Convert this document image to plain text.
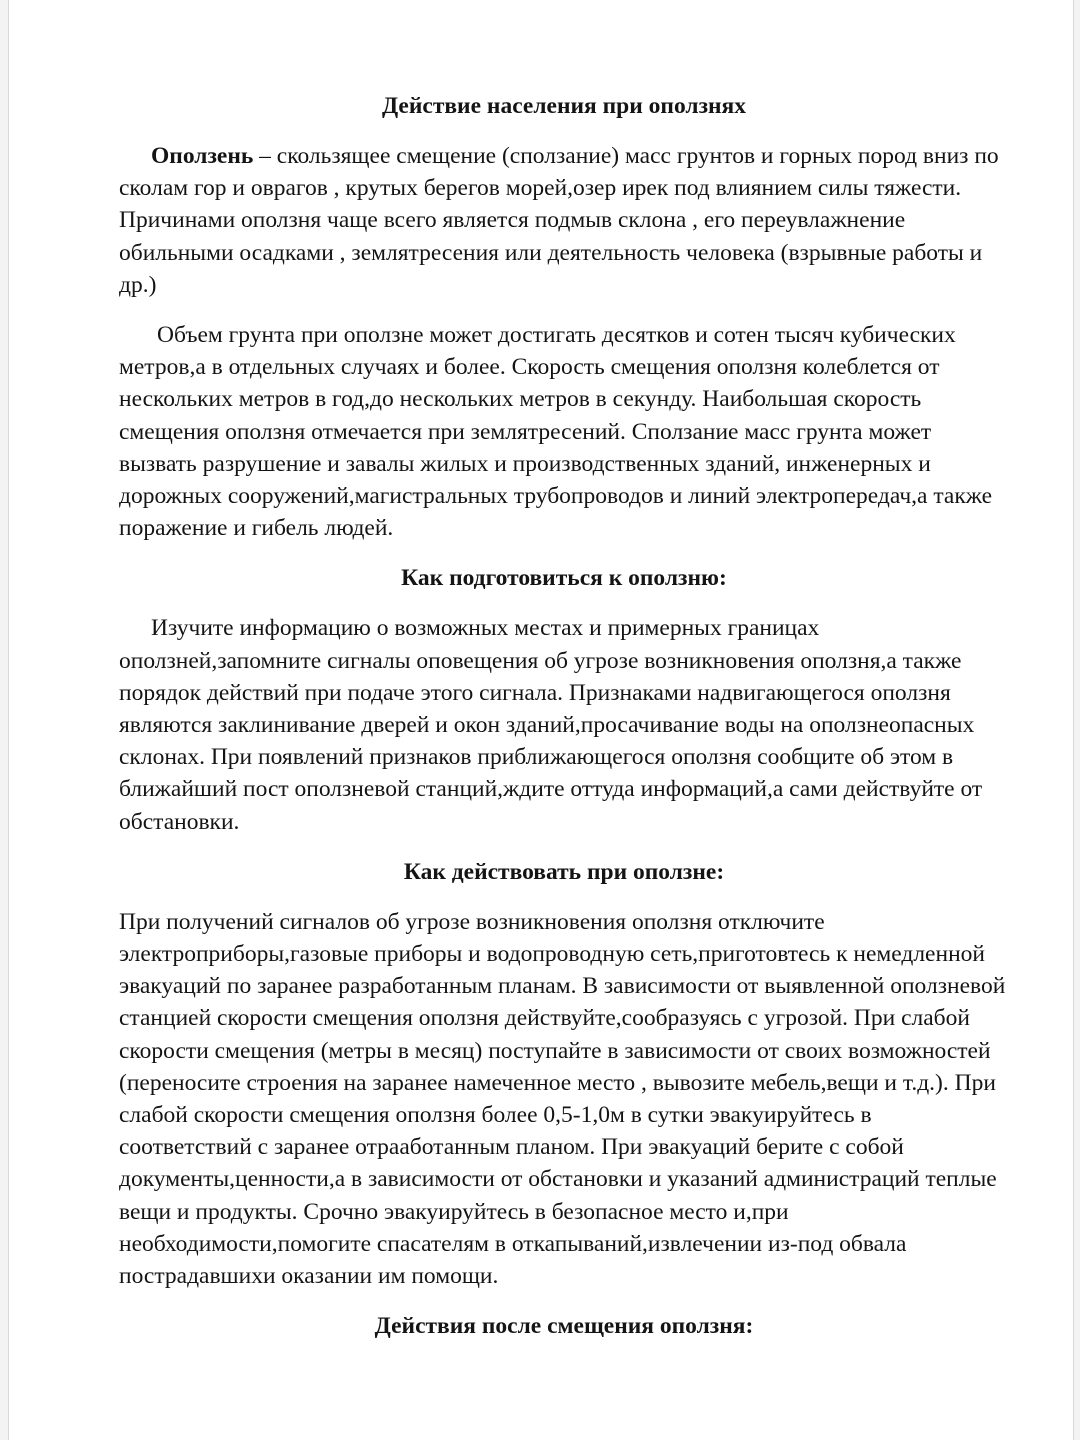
Действие населения при оползнях

Оползень – скользящее смещение (сползание) масс грунтов и горных пород вниз по сколам гор и оврагов , крутых берегов морей,озер ирек под влиянием силы тяжести. Причинами оползня чаще всего является подмыв склона , его переувлажнение обильными осадками , землятресения или деятельность человека (взрывные работы и др.)

Объем грунта при оползне может достигать десятков и сотен тысяч кубических метров,а в отдельных случаях и более. Скорость смещения оползня колеблется от нескольких метров в год,до нескольких метров в секунду. Наибольшая скорость смещения оползня отмечается при землятресений. Сползание масс грунта может вызвать разрушение и завалы жилых и производственных зданий, инженерных и дорожных сооружений,магистральных трубопроводов и линий электропередач,а также поражение и гибель людей.

Как подготовиться к оползню:

Изучите информацию о возможных местах и примерных границах оползней,запомните сигналы оповещения об угрозе возникновения оползня,а также порядок действий при подаче этого сигнала. Признаками надвигающегося оползня являются заклинивание дверей и окон зданий,просачивание воды на оползнеопасных склонах. При появлений признаков приближающегося оползня сообщите об этом в ближайший пост оползневой станций,ждите оттуда информаций,а сами действуйте от обстановки.

Как действовать при оползне:

При получений сигналов об угрозе возникновения оползня отключите электроприборы,газовые приборы и водопроводную сеть,приготовтесь к немедленной эвакуаций по заранее разработанным планам. В зависимости от выявленной оползневой станцией скорости смещения оползня действуйте,сообразуясь с угрозой. При слабой скорости смещения (метры в месяц) поступайте в зависимости от своих возможностей (переносите строения на заранее намеченное место , вывозите мебель,вещи и т.д.). При слабой скорости смещения оползня более 0,5-1,0м в сутки эвакуируйтесь в соответствий с заранее отрааботанным планом. При эвакуаций берите с собой документы,ценности,а в зависимости от обстановки и указаний администраций теплые вещи и продукты. Срочно эвакуируйтесь в безопасное место и,при необходимости,помогите спасателям в откапываний,извлечении из-под обвала пострадавшихи оказании им помощи.

Действия после смещения оползня:
